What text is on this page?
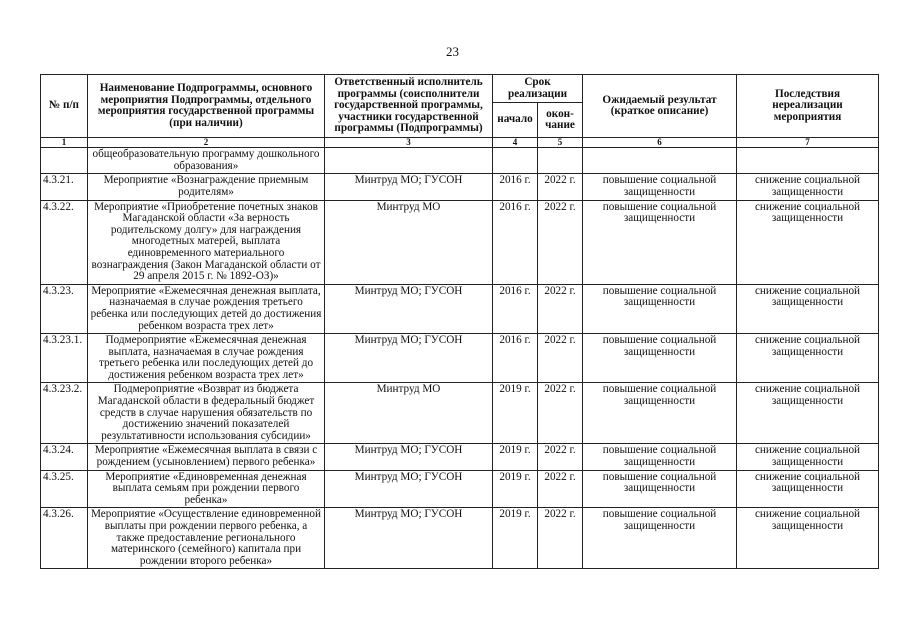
23
№ п/п	Наименование Подпрограммы, основного мероприятия Подпрограммы, отдельного мероприятия государственной программы (при наличии)	Ответственный исполнитель программы (соисполнители государственной программы, участники государственной программы (Подпрограммы)	Срок реализации		Ожидаемый результат (краткое описание)	Последствия нереализации мероприятия
			начало	окон-чание		
1	2	3	4	5	6	7
	общеобразовательную программу дошкольного образования»					
4.3.21.	Мероприятие «Вознаграждение приемным родителям»	Минтруд МО; ГУСОН	2016 г.	2022 г.	повышение социальной защищенности	снижение социальной защищенности
4.3.22.	Мероприятие «Приобретение почетных знаков Магаданской области «За верность родительскому долгу» для награждения многодетных матерей, выплата единовременного материального вознаграждения (Закон Магаданской области от 29 апреля 2015 г. № 1892-ОЗ)»	Минтруд МО	2016 г.	2022 г.	повышение социальной защищенности	снижение социальной защищенности
4.3.23.	Мероприятие «Ежемесячная денежная выплата, назначаемая в случае рождения третьего ребенка или последующих детей до достижения ребенком возраста трех лет»	Минтруд МО; ГУСОН	2016 г.	2022 г.	повышение социальной защищенности	снижение социальной защищенности
4.3.23.1.	Подмероприятие «Ежемесячная денежная выплата, назначаемая в случае рождения третьего ребенка или последующих детей до достижения ребенком возраста трех лет»	Минтруд МО; ГУСОН	2016 г.	2022 г.	повышение социальной защищенности	снижение социальной защищенности
4.3.23.2.	Подмероприятие «Возврат из бюджета Магаданской области в федеральный бюджет средств в случае нарушения обязательств по достижению значений показателей результативности использования субсидии»	Минтруд МО	2019 г.	2022 г.	повышение социальной защищенности	снижение социальной защищенности
4.3.24.	Мероприятие «Ежемесячная выплата в связи с рождением (усыновлением) первого ребенка»	Минтруд МО; ГУСОН	2019 г.	2022 г.	повышение социальной защищенности	снижение социальной защищенности
4.3.25.	Мероприятие «Единовременная денежная выплата семьям при рождении первого ребенка»	Минтруд МО; ГУСОН	2019 г.	2022 г.	повышение социальной защищенности	снижение социальной защищенности
4.3.26.	Мероприятие «Осуществление единовременной выплаты при рождении первого ребенка, а также предоставление регионального материнского (семейного) капитала при рождении второго ребенка»	Минтруд МО; ГУСОН	2019 г.	2022 г.	повышение социальной защищенности	снижение социальной защищенности
